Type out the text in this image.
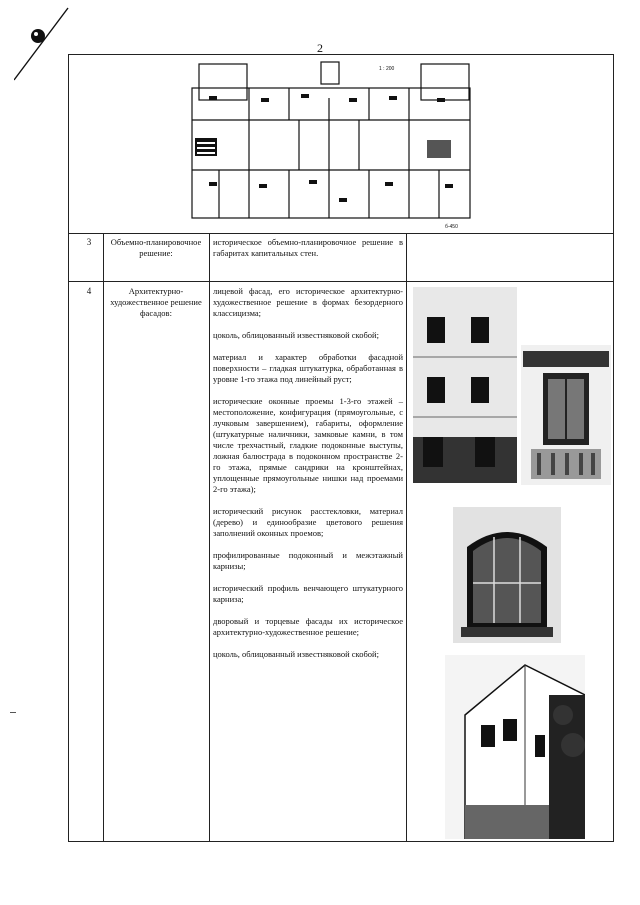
2
1 : 200
б-450
3	Объемно-планировочное решение:

историческое объемно-планировочное решение в габаритах капитальных стен.

4	Архитектурно-художественное решение фасадов:

лицевой фасад, его историческое архитектурно-художественное решение в формах безордерного классицизма;

цоколь, облицованный известняковой скобой;

материал и характер обработки фасадной поверхности – гладкая штукатурка, обработанная в уровне 1-го этажа под линейный руст;

исторические оконные проемы 1-3-го этажей – местоположение, конфигурация (прямоугольные, с лучковым завершением), габариты, оформление (штукатурные наличники, замковые камни, в том числе трехчастный, гладкие подоконные выступы, ложная балюстрада в подоконном пространстве 2-го этажа, прямые сандрики на кронштейнах, уплощенные прямоугольные нишки над проемами 2-го этажа);

исторический рисунок расстекловки, материал (дерево) и единообразие цветового решения заполнений оконных проемов;

профилированные подоконный и межэтажный карнизы;

исторический профиль венчающего штукатурного карниза;

дворовый и торцевые фасады их историческое архитектурно-художественное решение;

цоколь, облицованный известняковой скобой;
